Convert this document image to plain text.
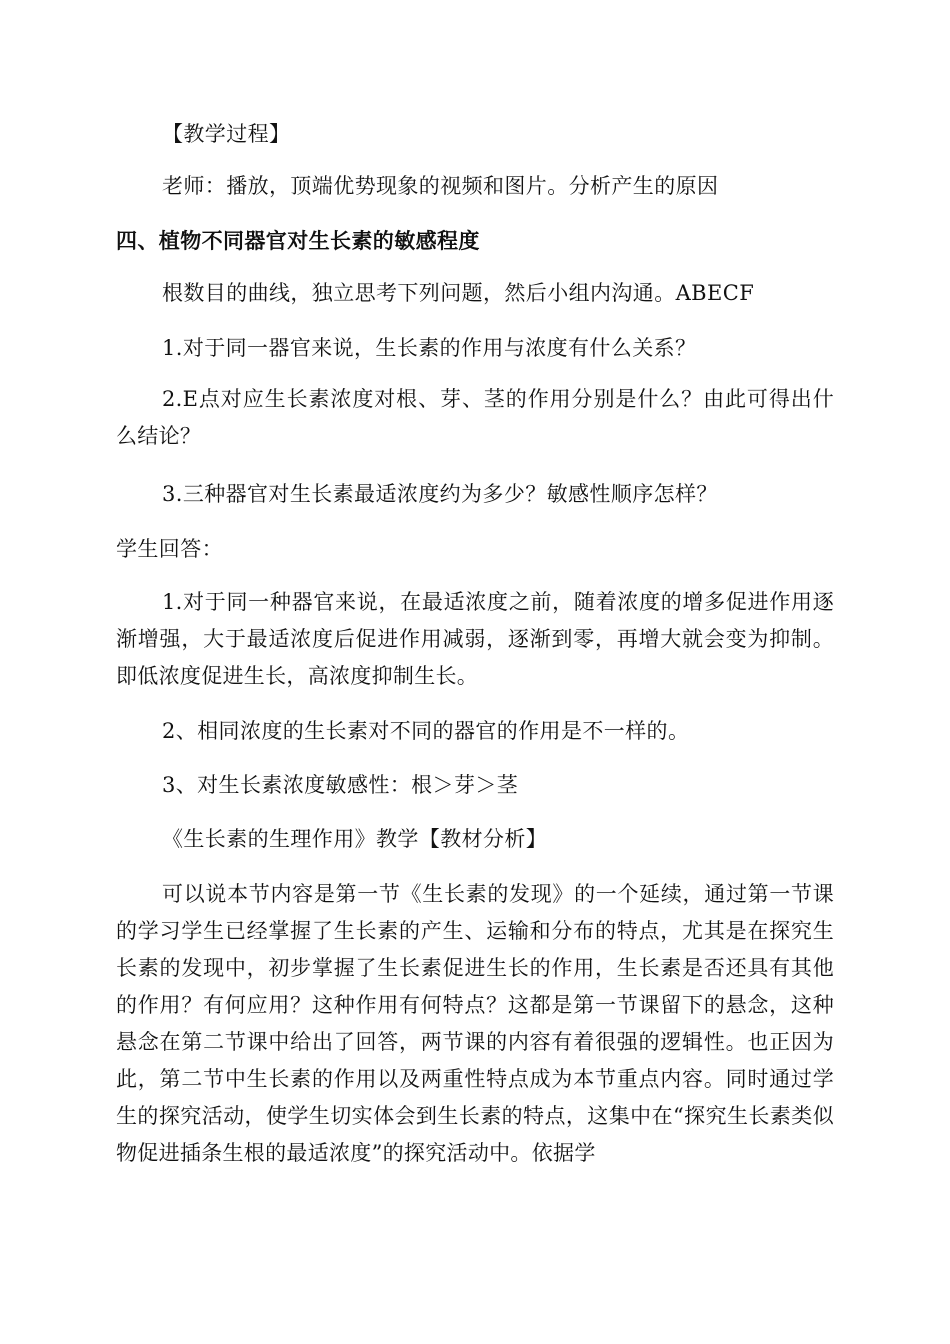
【教学过程】
老师：播放，顶端优势现象的视频和图片。分析产生的原因
四、植物不同器官对生长素的敏感程度
根数目的曲线，独立思考下列问题，然后小组内沟通。ABECF
1.对于同一器官来说，生长素的作用与浓度有什么关系？
2.E点对应生长素浓度对根、芽、茎的作用分别是什么？由此可得出什么结论？
3.三种器官对生长素最适浓度约为多少？敏感性顺序怎样？
学生回答：
1.对于同一种器官来说，在最适浓度之前，随着浓度的增多促进作用逐渐增强，大于最适浓度后促进作用减弱，逐渐到零，再增大就会变为抑制。即低浓度促进生长，高浓度抑制生长。
2、相同浓度的生长素对不同的器官的作用是不一样的。
3、对生长素浓度敏感性：根＞芽＞茎
《生长素的生理作用》教学【教材分析】
可以说本节内容是第一节《生长素的发现》的一个延续，通过第一节课的学习学生已经掌握了生长素的产生、运输和分布的特点，尤其是在探究生长素的发现中，初步掌握了生长素促进生长的作用，生长素是否还具有其他的作用？有何应用？这种作用有何特点？这都是第一节课留下的悬念，这种悬念在第二节课中给出了回答，两节课的内容有着很强的逻辑性。也正因为此，第二节中生长素的作用以及两重性特点成为本节重点内容。同时通过学生的探究活动，使学生切实体会到生长素的特点，这集中在“探究生长素类似物促进插条生根的最适浓度”的探究活动中。依据学
